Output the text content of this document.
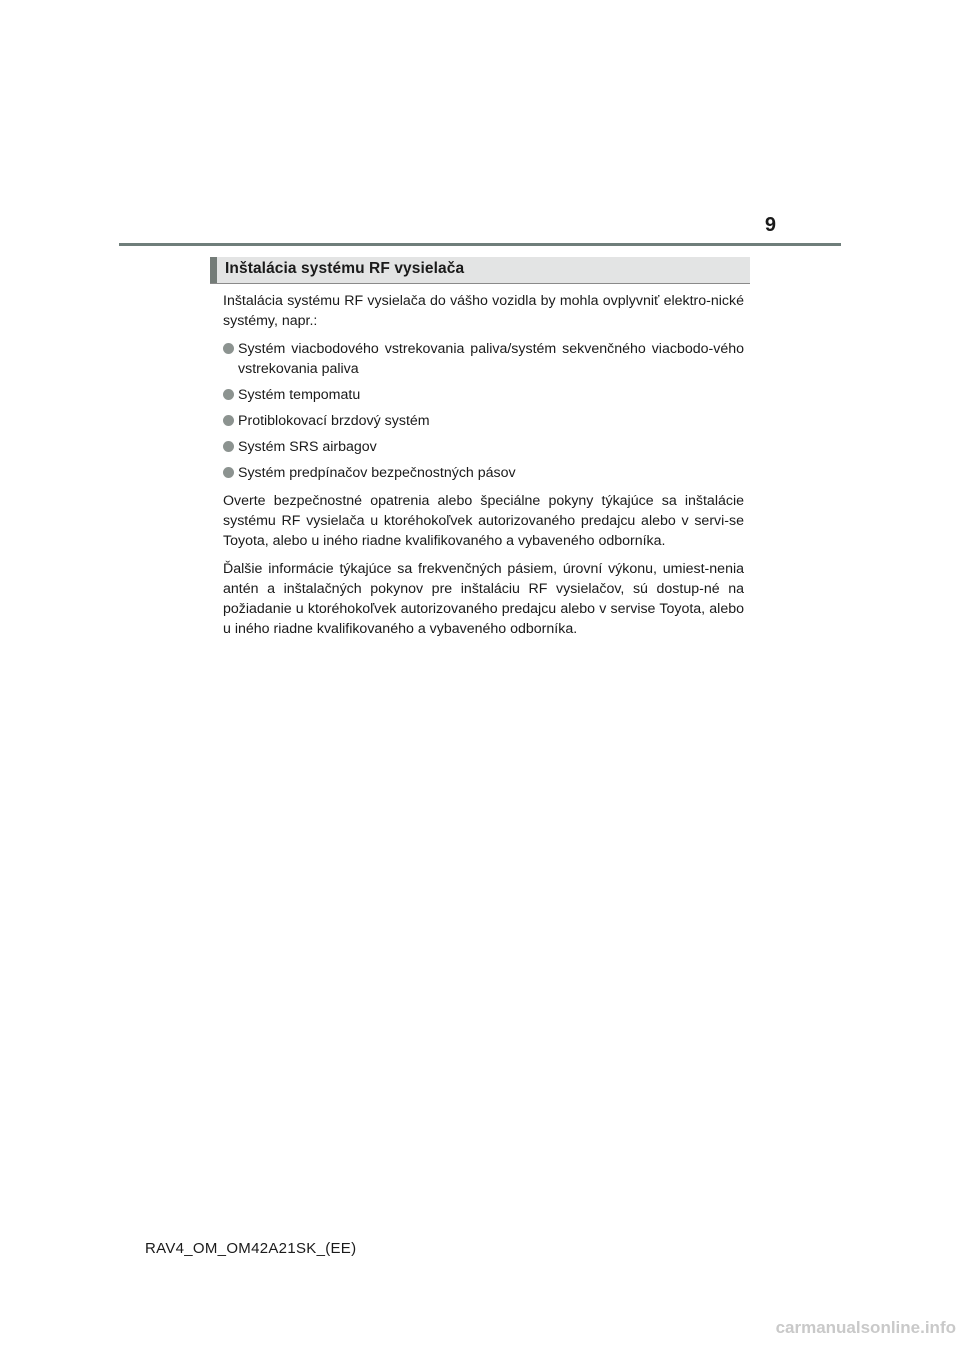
9
Inštalácia systému RF vysielača

Inštalácia systému RF vysielača do vášho vozidla by mohla ovplyvniť elektro-nické systémy, napr.:

Systém viacbodového vstrekovania paliva/systém sekvenčného viacbodo-vého vstrekovania paliva
Systém tempomatu
Protiblokovací brzdový systém
Systém SRS airbagov
Systém predpínačov bezpečnostných pásov

Overte bezpečnostné opatrenia alebo špeciálne pokyny týkajúce sa inštalácie systému RF vysielača u ktoréhokoľvek autorizovaného predajcu alebo v servi-se Toyota, alebo u iného riadne kvalifikovaného a vybaveného odborníka.

Ďalšie informácie týkajúce sa frekvenčných pásiem, úrovní výkonu, umiest-nenia antén a inštalačných pokynov pre inštaláciu RF vysielačov, sú dostup-né na požiadanie u ktoréhokoľvek autorizovaného predajcu alebo v servise Toyota, alebo u iného riadne kvalifikovaného a vybaveného odborníka.

RAV4_OM_OM42A21SK_(EE)
carmanualsonline.info
